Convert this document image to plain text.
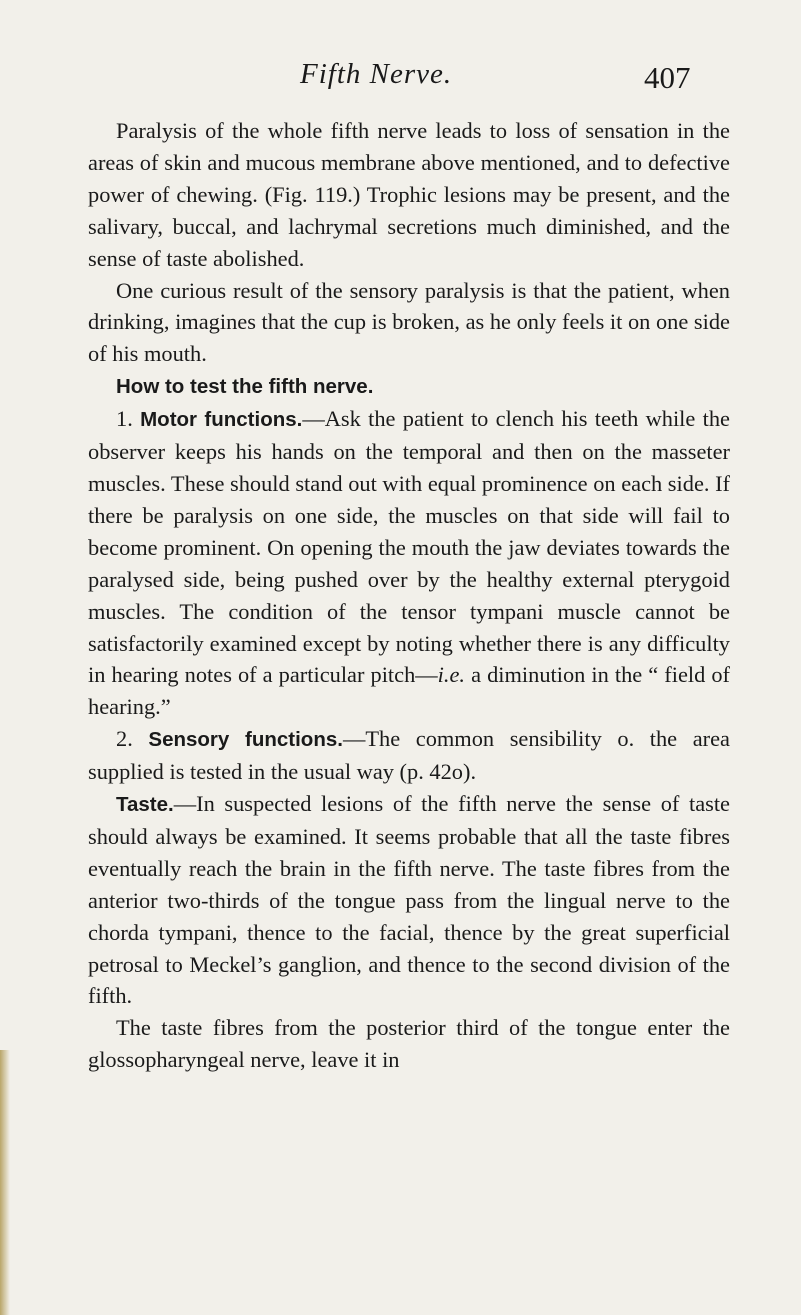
Fifth Nerve.	407

Paralysis of the whole fifth nerve leads to loss of sensation in the areas of skin and mucous membrane above mentioned, and to defective power of chewing. (Fig. 119.) Trophic lesions may be present, and the salivary, buccal, and lachrymal secretions much diminished, and the sense of taste abolished.

One curious result of the sensory paralysis is that the patient, when drinking, imagines that the cup is broken, as he only feels it on one side of his mouth.

How to test the fifth nerve.

1. Motor functions.—Ask the patient to clench his teeth while the observer keeps his hands on the temporal and then on the masseter muscles. These should stand out with equal prominence on each side. If there be paralysis on one side, the muscles on that side will fail to become prominent. On opening the mouth the jaw deviates towards the paralysed side, being pushed over by the healthy external pterygoid muscles. The condition of the tensor tympani muscle cannot be satisfactorily examined except by noting whether there is any difficulty in hearing notes of a particular pitch—i.e. a diminution in the “ field of hearing.”

2. Sensory functions.—The common sensibility o. the area supplied is tested in the usual way (p. 42o).

Taste.—In suspected lesions of the fifth nerve the sense of taste should always be examined. It seems probable that all the taste fibres eventually reach the brain in the fifth nerve. The taste fibres from the anterior two-thirds of the tongue pass from the lingual nerve to the chorda tympani, thence to the facial, thence by the great superficial petrosal to Meckel’s ganglion, and thence to the second division of the fifth.

The taste fibres from the posterior third of the tongue enter the glossopharyngeal nerve, leave it in
